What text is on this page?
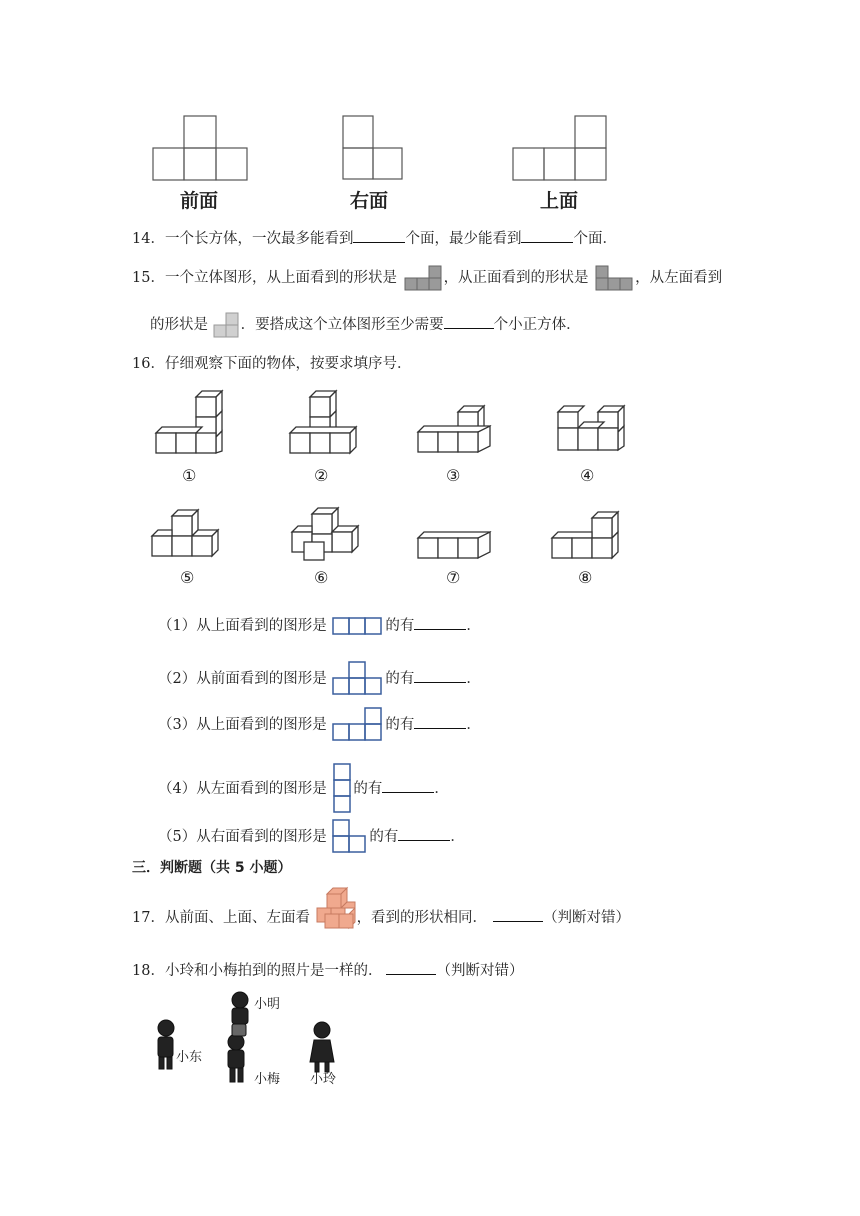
前面	右面	上面
14．一个长方体，一次最多能看到	个面，最少能看到	个面．
15．一个立体图形，从上面看到的形状是	，从正面看到的形状是	，从左面看到
的形状是 ．要搭成这个立体图形至少需要	个小正方体．
16．仔细观察下面的物体，按要求填序号．
①	②	③	④
⑤	⑥	⑦	⑧
（1）从上面看到的图形是	的有	．
（2）从前面看到的图形是	的有	．
（3）从上面看到的图形是	的有	．
（4）从左面看到的图形是 的有	．
（5）从右面看到的图形是	的有	．
三．判断题（共 5 小题）
17．从前面、上面、左面看	，看到的形状相同．	（判断对错）
18．小玲和小梅拍到的照片是一样的．	（判断对错）
小明
小东
小梅 小玲
